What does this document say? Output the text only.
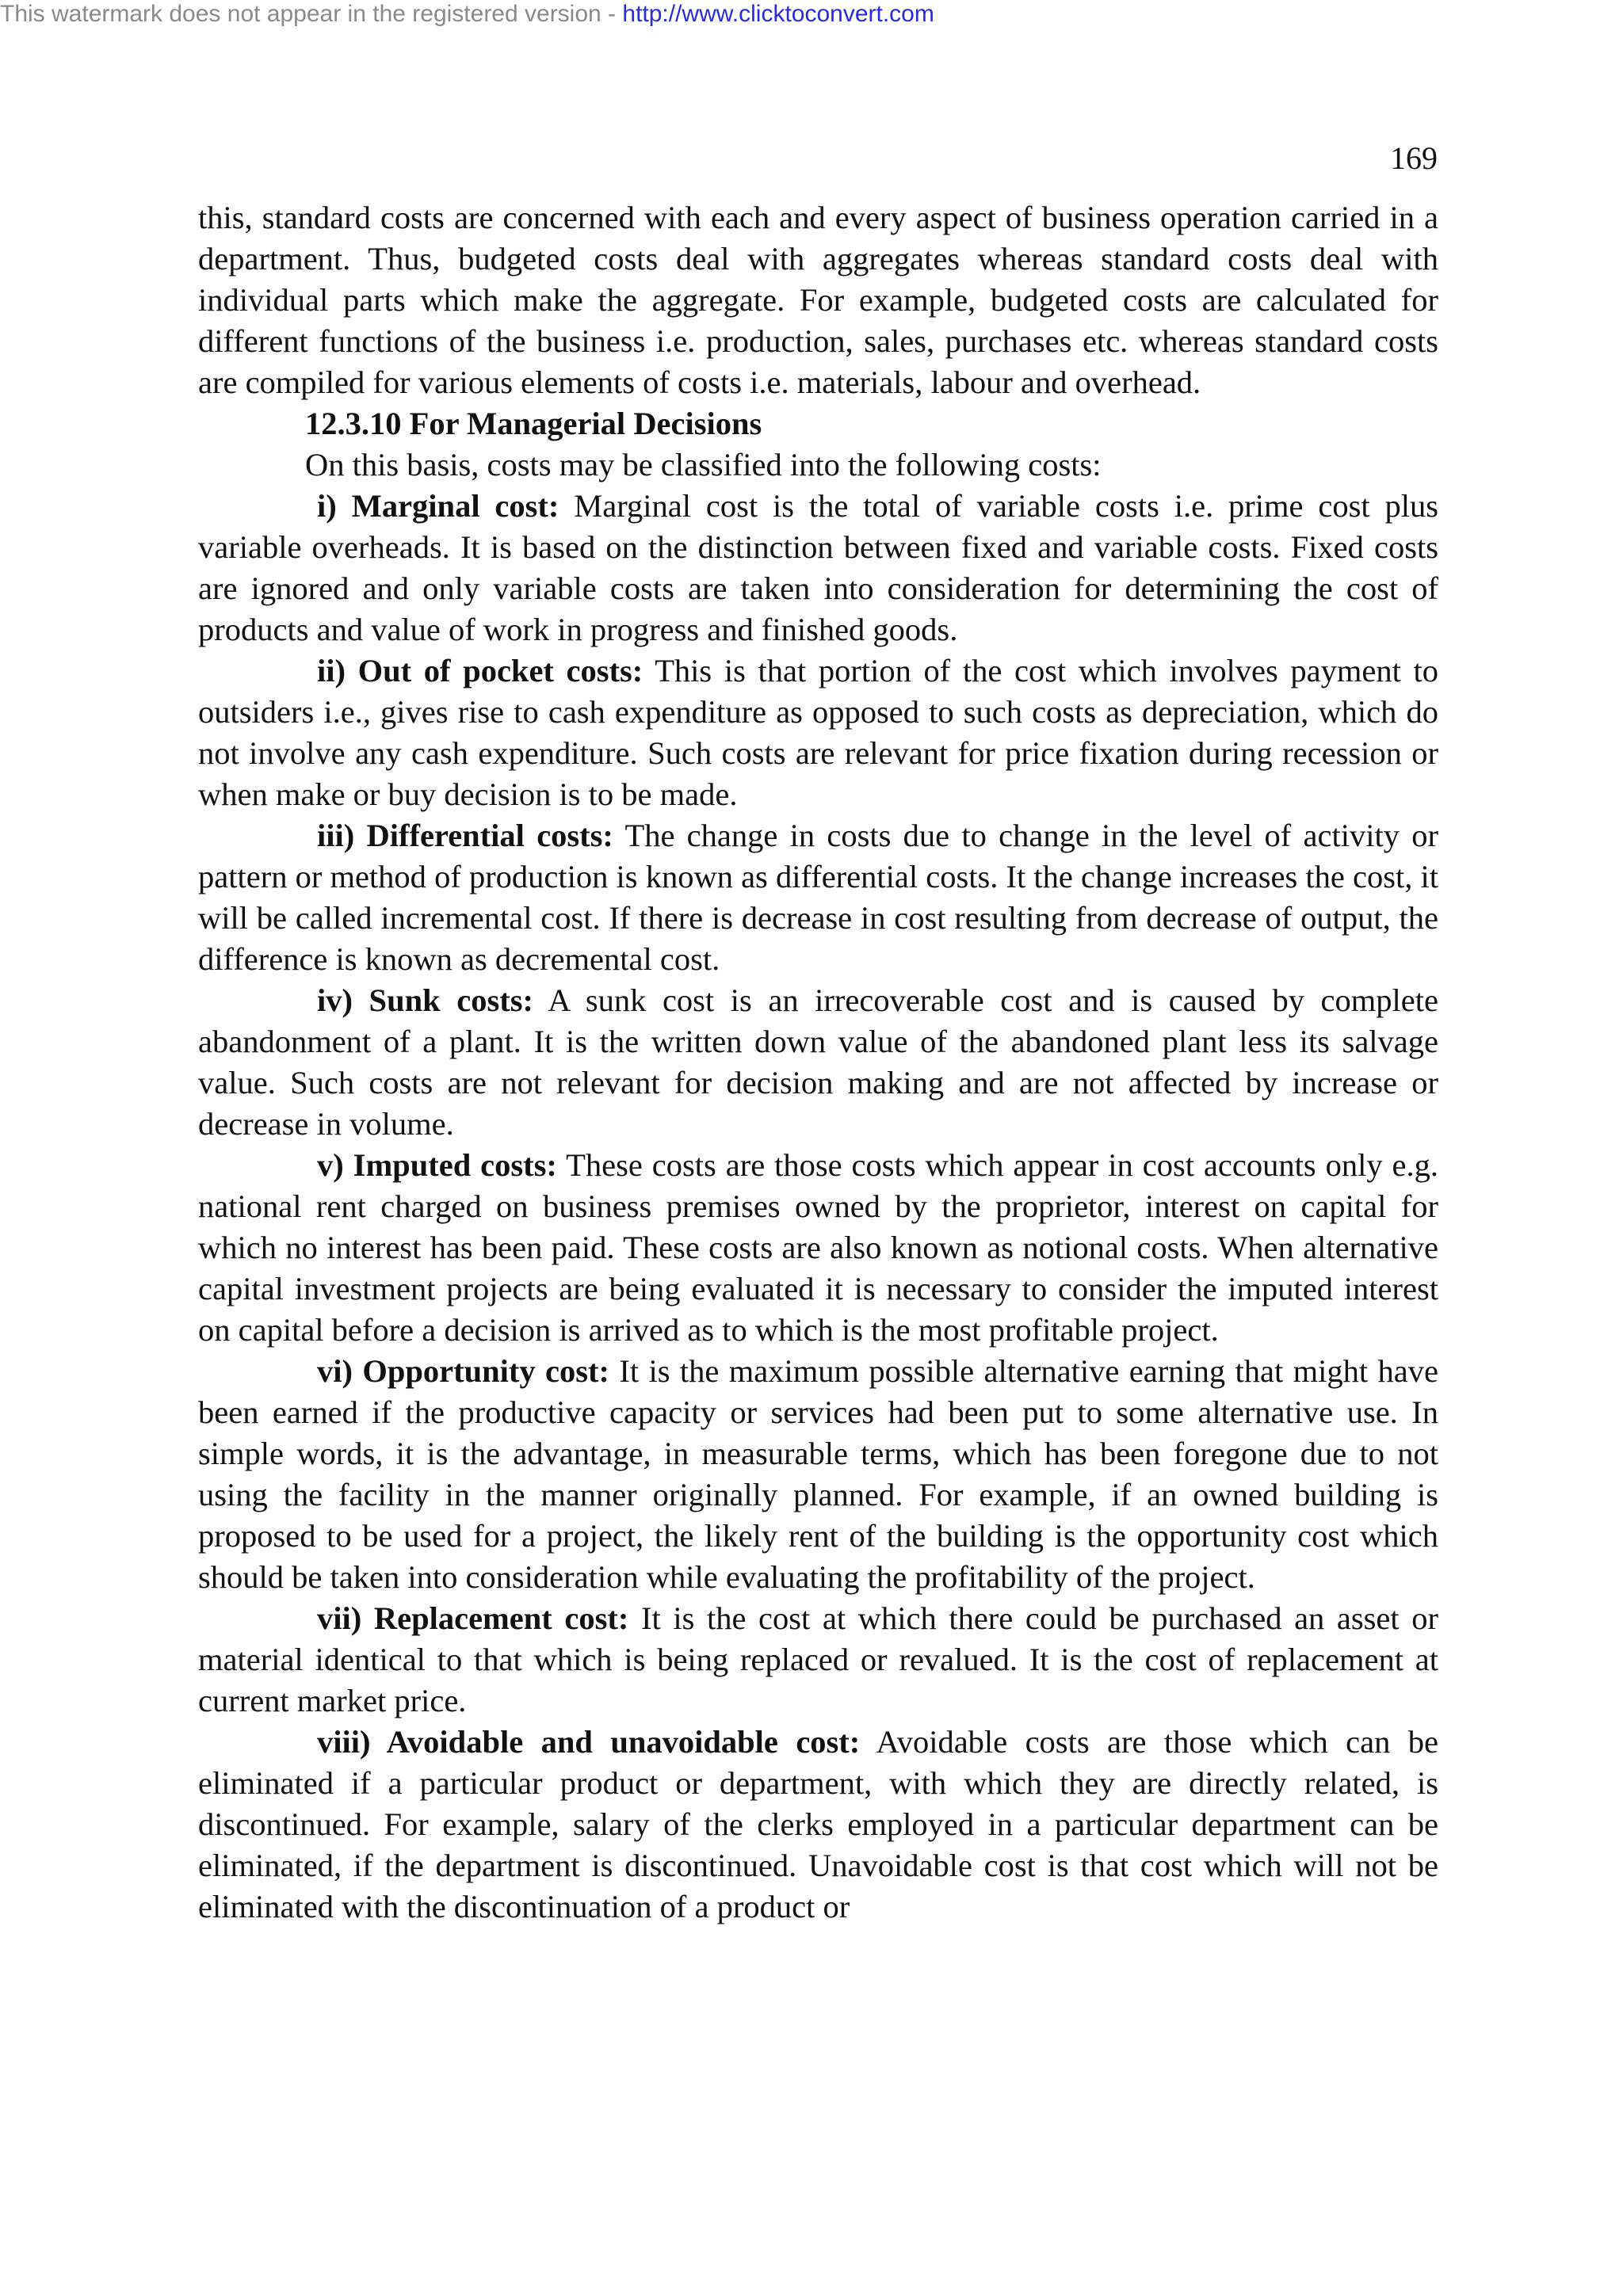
This watermark does not appear in the registered version - http://www.clicktoconvert.com
169

this, standard costs are concerned with each and every aspect of business operation carried in a department. Thus, budgeted costs deal with aggregates whereas standard costs deal with individual parts which make the aggregate. For example, budgeted costs are calculated for different functions of the business i.e. production, sales, purchases etc. whereas standard costs are compiled for various elements of costs i.e. materials, labour and overhead.

12.3.10 For Managerial Decisions

On this basis, costs may be classified into the following costs:

i) Marginal cost: Marginal cost is the total of variable costs i.e. prime cost plus variable overheads. It is based on the distinction between fixed and variable costs. Fixed costs are ignored and only variable costs are taken into consideration for determining the cost of products and value of work in progress and finished goods.

ii) Out of pocket costs: This is that portion of the cost which involves payment to outsiders i.e., gives rise to cash expenditure as opposed to such costs as depreciation, which do not involve any cash expenditure. Such costs are relevant for price fixation during recession or when make or buy decision is to be made.

iii) Differential costs: The change in costs due to change in the level of activity or pattern or method of production is known as differential costs. It the change increases the cost, it will be called incremental cost. If there is decrease in cost resulting from decrease of output, the difference is known as decremental cost.

iv) Sunk costs: A sunk cost is an irrecoverable cost and is caused by complete abandonment of a plant. It is the written down value of the abandoned plant less its salvage value. Such costs are not relevant for decision making and are not affected by increase or decrease in volume.

v) Imputed costs: These costs are those costs which appear in cost accounts only e.g. national rent charged on business premises owned by the proprietor, interest on capital for which no interest has been paid. These costs are also known as notional costs. When alternative capital investment projects are being evaluated it is necessary to consider the imputed interest on capital before a decision is arrived as to which is the most profitable project.

vi) Opportunity cost: It is the maximum possible alternative earning that might have been earned if the productive capacity or services had been put to some alternative use. In simple words, it is the advantage, in measurable terms, which has been foregone due to not using the facility in the manner originally planned. For example, if an owned building is proposed to be used for a project, the likely rent of the building is the opportunity cost which should be taken into consideration while evaluating the profitability of the project.

vii) Replacement cost: It is the cost at which there could be purchased an asset or material identical to that which is being replaced or revalued. It is the cost of replacement at current market price.

viii) Avoidable and unavoidable cost: Avoidable costs are those which can be eliminated if a particular product or department, with which they are directly related, is discontinued. For example, salary of the clerks employed in a particular department can be eliminated, if the department is discontinued. Unavoidable cost is that cost which will not be eliminated with the discontinuation of a product or
